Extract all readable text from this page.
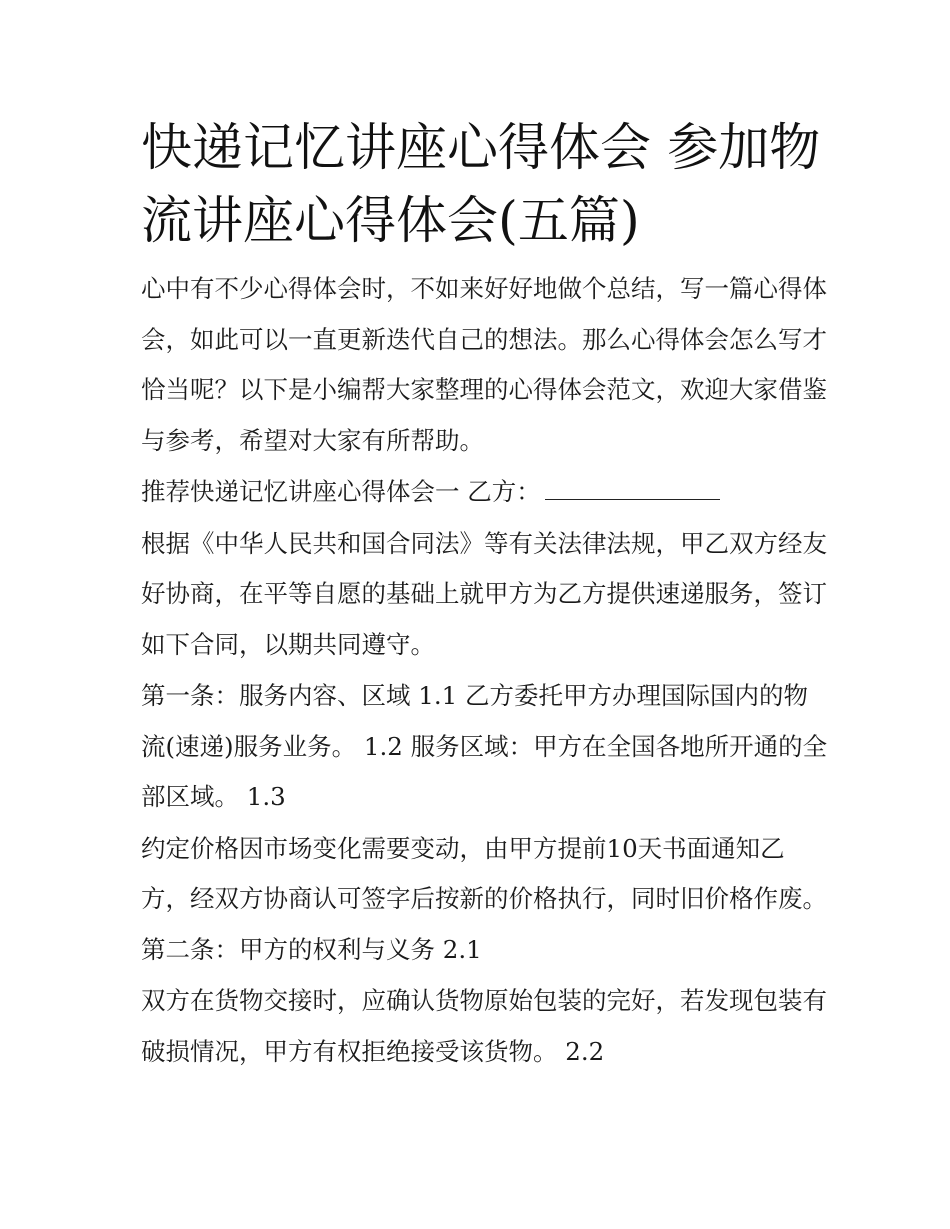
快递记忆讲座心得体会 参加物流讲座心得体会(五篇)

心中有不少心得体会时，不如来好好地做个总结，写一篇心得体会，如此可以一直更新迭代自己的想法。那么心得体会怎么写才恰当呢？以下是小编帮大家整理的心得体会范文，欢迎大家借鉴与参考，希望对大家有所帮助。

推荐快递记忆讲座心得体会一 乙方：

根据《中华人民共和国合同法》等有关法律法规，甲乙双方经友好协商，在平等自愿的基础上就甲方为乙方提供速递服务，签订如下合同，以期共同遵守。

第一条：服务内容、区域 1.1 乙方委托甲方办理国际国内的物流(速递)服务业务。 1.2 服务区域：甲方在全国各地所开通的全部区域。 1.3

约定价格因市场变化需要变动，由甲方提前10天书面通知乙方，经双方协商认可签字后按新的价格执行，同时旧价格作废。 第二条：甲方的权利与义务 2.1

双方在货物交接时，应确认货物原始包装的完好，若发现包装有破损情况，甲方有权拒绝接受该货物。 2.2
